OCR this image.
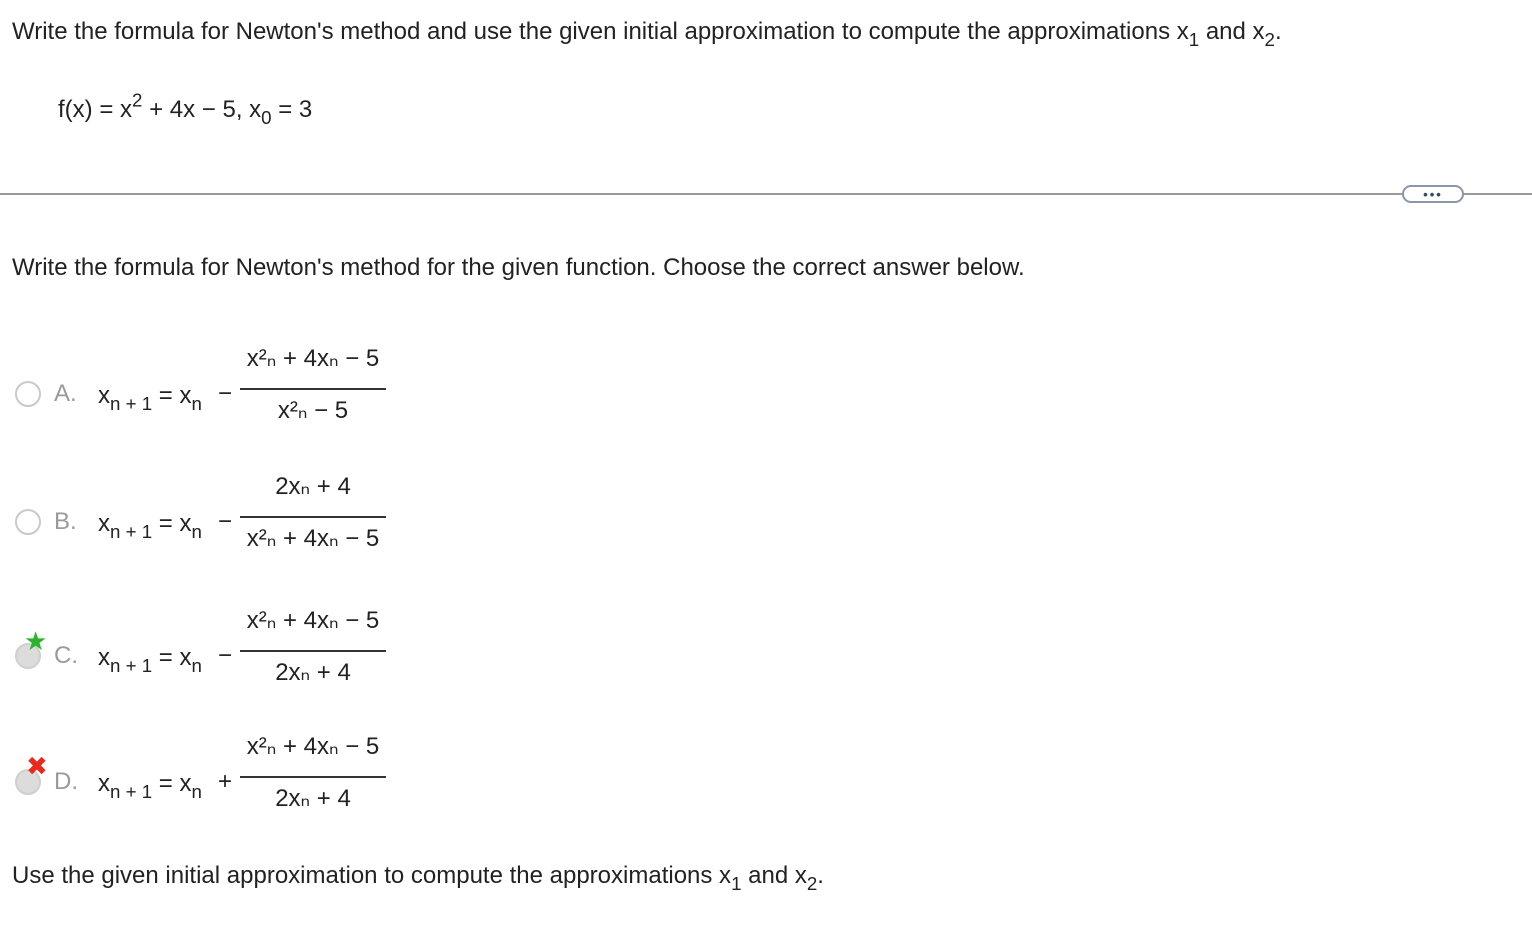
Write the formula for Newton's method and use the given initial approximation to compute the approximations $x_1$ and $x_2$.
$f(x) = x^2 + 4x - 5$, $x_0 = 3$
•••
Write the formula for Newton's method for the given function. Choose the correct answer below.
A. $x_{n + 1} = x_n$ −
x²ₙ + 4xₙ − 5
x²ₙ − 5
B. $x_{n + 1} = x_n$ −
2xₙ + 4
x²ₙ + 4xₙ − 5
★ C. $x_{n + 1} = x_n$ −
x²ₙ + 4xₙ − 5
2xₙ + 4
✖
D. $x_{n + 1} = x_n$ +
x²ₙ + 4xₙ − 5
2xₙ + 4
Use the given initial approximation to compute the approximations $x_1$ and $x_2$.
